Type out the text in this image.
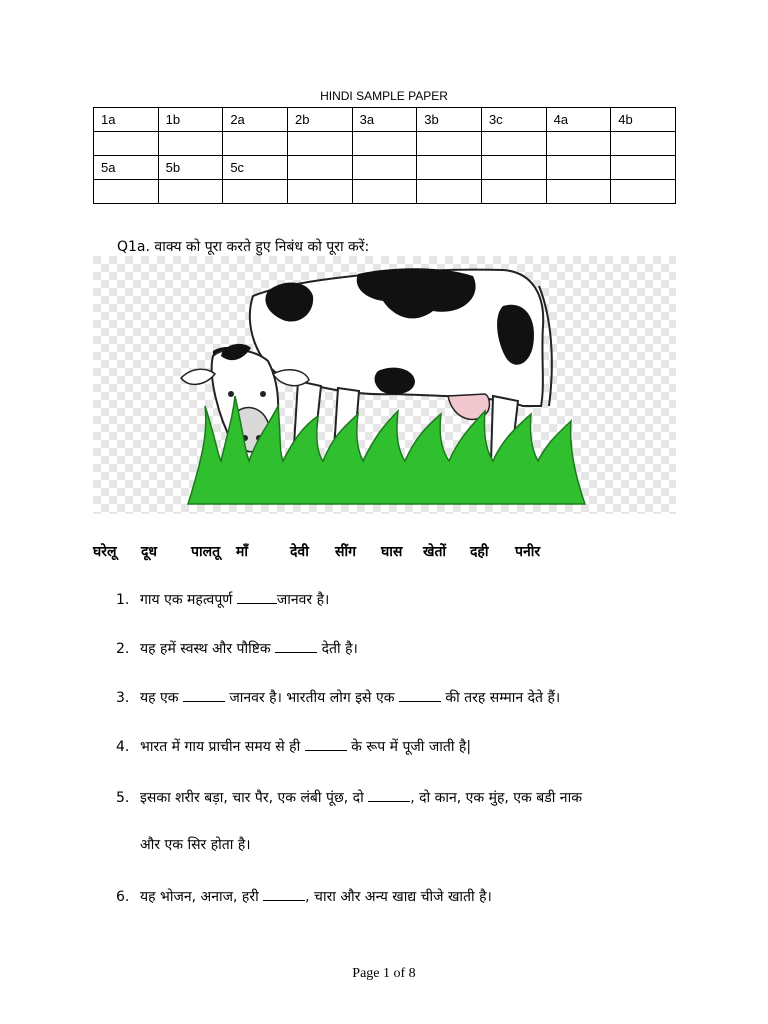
HINDI SAMPLE PAPER
1a	1b	2a	2b	3a	3b	3c	4a	4b

5a	5b	5c						

Q1a. वाक्य को पूरा करते हुए निबंध को पूरा करें:
घरेलू	दूध	पालतू	माँ	देवी	सींग	घास	खेतों	दही	पनीर
1. गाय एक महत्वपूर्ण	जानवर है।
2. यह हमें स्वस्थ और पौष्टिक	देती है।
3. यह एक	जानवर है। भारतीय लोग इसे एक	की तरह सम्मान देते हैं।
4. भारत में गाय प्राचीन समय से ही	के रूप में पूजी जाती है|
5. इसका शरीर बड़ा, चार पैर, एक लंबी पूंछ, दो	, दो कान, एक मुंह, एक बडी नाक
और एक सिर होता है।
6. यह भोजन, अनाज, हरी	, चारा और अन्य खाद्य चीजे खाती है।
Page 1 of 8
